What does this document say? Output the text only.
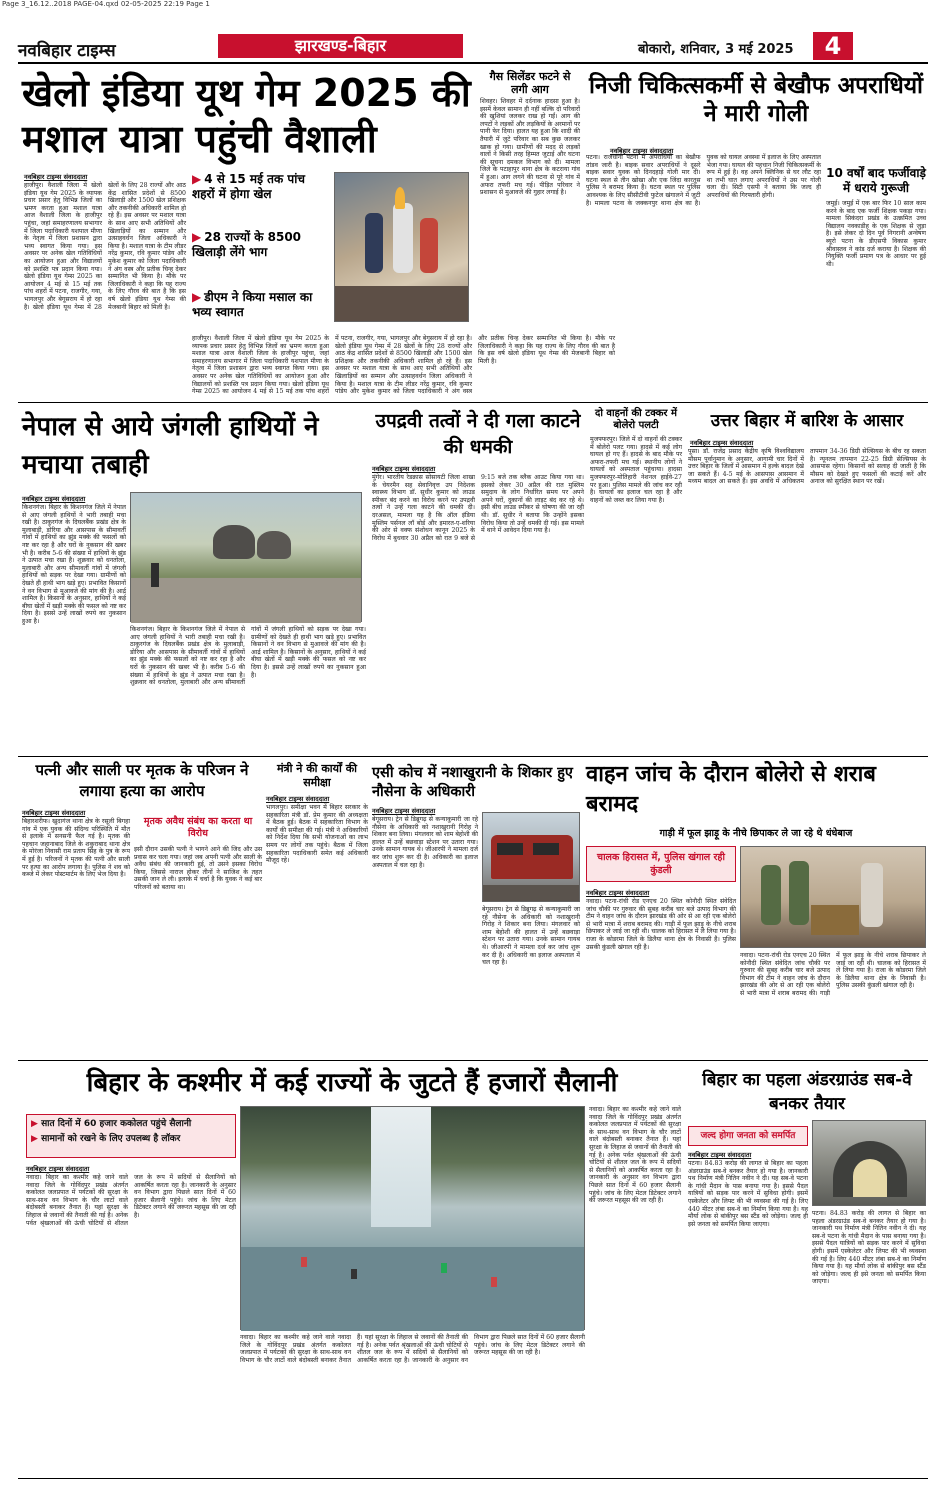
Page 3_16.12..2018 PAGE-04.qxd 02-05-2025 22:19 Page 1
नवबिहार टाइम्स	झारखण्ड-बिहार	बोकारो, शनिवार, 3 मई 2025	4
खेलो इंडिया यूथ गेम 2025 की मशाल यात्रा पहुंची वैशाली
नवबिहार टाइम्स संवाददाता
हाजीपुर। वैशाली जिला में खेलो इंडिया यूथ गेम 2025 के व्यापक प्रचार प्रसार हेतु विभिन्न जिलों का भ्रमण करता हुआ मशाल यात्रा आज वैशाली जिला के हाजीपुर पहुंचा, जहां समाहरणालय सभागार में जिला पदाधिकारी यशपाल मीणा के नेतृत्व में जिला प्रशासन द्वारा भव्य स्वागत किया गया। इस अवसर पर अनेक खेल गतिविधियों का आयोजन हुआ और विद्यालयों को प्रशस्ति पत्र प्रदान किया गया। खेलो इंडिया यूथ गेम्स 2025 का आयोजन 4 मई से 15 मई तक पांच शहरों में पटना, राजगीर, गया, भागलपुर और बेगूसराय में हो रहा है। खेलो इंडिया यूथ गेम्स में 28 खेलों के लिए 28 राज्यों और आठ केंद्र शासित प्रदेशों से 8500 खिलाड़ी और 1500 खेल प्रशिक्षक और तकनीकी अधिकारी शामिल हो रहे हैं। इस अवसर पर मशाल यात्रा के साथ आए सभी अतिथियों और खिलाड़ियों का सम्मान और उत्साहवर्धन जिला अधिकारी ने किया है। मशाल यात्रा के टीम लीडर नरेंद्र कुमार, रवि कुमार पांडेय और मुकेश कुमार को जिला पदाधिकारी ने अंग वस्त्र और प्रतीक चिन्ह देकर सम्मानित भी किया है। मौके पर जिलाधिकारी ने कहा कि यह राज्य के लिए गौरव की बात है कि इस वर्ष खेलो इंडिया यूथ गेम्स की मेजबानी बिहार को मिली है।
▶ 4 से 15 मई तक पांच शहरों में होगा खेल
▶ 28 राज्यों के 8500 खिलाड़ी लेंगे भाग
▶ डीएम ने किया मसाल का भव्य स्वागत
हाजीपुर। वैशाली जिला में खेलो इंडिया यूथ गेम 2025 के व्यापक प्रचार प्रसार हेतु विभिन्न जिलों का भ्रमण करता हुआ मशाल यात्रा आज वैशाली जिला के हाजीपुर पहुंचा, जहां समाहरणालय सभागार में जिला पदाधिकारी यशपाल मीणा के नेतृत्व में जिला प्रशासन द्वारा भव्य स्वागत किया गया। इस अवसर पर अनेक खेल गतिविधियों का आयोजन हुआ और विद्यालयों को प्रशस्ति पत्र प्रदान किया गया। खेलो इंडिया यूथ गेम्स 2025 का आयोजन 4 मई से 15 मई तक पांच शहरों में पटना, राजगीर, गया, भागलपुर और बेगूसराय में हो रहा है। खेलो इंडिया यूथ गेम्स में 28 खेलों के लिए 28 राज्यों और आठ केंद्र शासित प्रदेशों से 8500 खिलाड़ी और 1500 खेल प्रशिक्षक और तकनीकी अधिकारी शामिल हो रहे हैं। इस अवसर पर मशाल यात्रा के साथ आए सभी अतिथियों और खिलाड़ियों का सम्मान और उत्साहवर्धन जिला अधिकारी ने किया है। मशाल यात्रा के टीम लीडर नरेंद्र कुमार, रवि कुमार पांडेय और मुकेश कुमार को जिला पदाधिकारी ने अंग वस्त्र और प्रतीक चिन्ह देकर सम्मानित भी किया है। मौके पर जिलाधिकारी ने कहा कि यह राज्य के लिए गौरव की बात है कि इस वर्ष खेलो इंडिया यूथ गेम्स की मेजबानी बिहार को मिली है।
गैस सिलेंडर फटने से लगी आग
शिवहर। शिवहर में दर्दनाक हादसा हुआ है। इसमें केवल सामान ही नहीं बल्कि दो परिवारों की खुशियां जलकर राख हो गईं। आग की लपटों ने लड़कों और लड़कियों के अरमानों पर पानी फेर दिया। हालत यह हुआ कि शादी की तैयारी में जुटे परिवार का सब कुछ जलकर खाक हो गया। ग्रामीणों की मदद से लड़कों वालों ने किसी तरह हिम्मत जुटाई और घटना की सूचना दमकल विभाग को दी। मामला जिले के पटाहापुर थाना क्षेत्र के कटराया गांव में हुआ। आग लगने की घटना से पूरे गांव में अफरा तफरी मच गई। पीड़ित परिवार ने प्रशासन से मुआवजे की गुहार लगाई है।
निजी चिकित्सकर्मी से बेखौफ अपराधियों ने मारी गोली
नवबिहार टाइम्स संवाददाता
पटना। राजधानी पटना में अपराधियों का बेखौफ तांडव जारी है। बाइक सवार अपराधियों ने दूसरे बाइक सवार युवक को दिनदहाड़े गोली मार दी। घटना स्थल से तीन खोखा और एक जिंदा कारतूस पुलिस ने बरामद किया है। घटना स्थल पर पुलिस आवश्यक के लिए सीसीटीवी फुटेज खंगालने में जुटी है। मामला पटना के जक्कनपुर थाना क्षेत्र का है। युवक को घायल अवस्था में इलाज के लिए अस्पताल भेजा गया। घायल की पहचान निजी चिकित्सकर्मी के रूप में हुई है। वह अपने क्लिनिक से घर लौट रहा था तभी घात लगाए अपराधियों ने उस पर गोली चला दी। सिटी एसपी ने बताया कि जल्द ही अपराधियों की गिरफ्तारी होगी।
10 वर्षों बाद फर्जीवाड़े में धराये गुरूजी
जमुई। जमुई में एक बार फिर 10 साल काम करने के बाद एक फर्जी शिक्षक पकड़ा गया। मामला सिकंदरा प्रखंड के उत्क्रमित उच्च विद्यालय नवकाडीह के एक शिक्षक से जुड़ा है। इसे लेकर दो दिन पूर्व निगरानी अन्वेषण ब्यूरो पटना के डीएसपी विकास कुमार श्रीवास्तव ने कांड दर्ज कराया है। शिक्षक की नियुक्ति फर्जी प्रमाण पत्र के आधार पर हुई थी।
नेपाल से आये जंगली हाथियों ने मचाया तबाही
नवबिहार टाइम्स संवाददाता
किशनगंज। बिहार के किशनगंज जिले में नेपाल से आए जंगली हाथियों ने भारी तबाही मचा रखी है। ठाकुरगंज के दिघलबैंक प्रखंड क्षेत्र के मुलाबाड़ी, डोरिया और आसपास के सीमावर्ती गांवों में हाथियों का झुंड मक्के की फसलों को नष्ट कर रहा है और घरों के नुकसान की खबर भी है। करीब 5-6 की संख्या में हाथियों के झुंड ने उत्पात मचा रखा है। शुक्रवार को धनतोला, मुलाबारी और अन्य सीमावर्ती गांवों में जंगली हाथियों को सड़क पर देखा गया। ग्रामीणों को देखते ही हाथी भाग खड़े हुए। प्रभावित किसानों ने वन विभाग से मुआवजे की मांग की है। आर्द्र शामिल है। किसानों के अनुसार, हाथियों ने कई बीघा खेतों में खड़ी मक्के की फसल को नष्ट कर दिया है। इससे उन्हें लाखों रुपये का नुकसान हुआ है।
किशनगंज। बिहार के किशनगंज जिले में नेपाल से आए जंगली हाथियों ने भारी तबाही मचा रखी है। ठाकुरगंज के दिघलबैंक प्रखंड क्षेत्र के मुलाबाड़ी, डोरिया और आसपास के सीमावर्ती गांवों में हाथियों का झुंड मक्के की फसलों को नष्ट कर रहा है और घरों के नुकसान की खबर भी है। करीब 5-6 की संख्या में हाथियों के झुंड ने उत्पात मचा रखा है। शुक्रवार को धनतोला, मुलाबारी और अन्य सीमावर्ती गांवों में जंगली हाथियों को सड़क पर देखा गया। ग्रामीणों को देखते ही हाथी भाग खड़े हुए। प्रभावित किसानों ने वन विभाग से मुआवजे की मांग की है। आर्द्र शामिल है। किसानों के अनुसार, हाथियों ने कई बीघा खेतों में खड़ी मक्के की फसल को नष्ट कर दिया है। इससे उन्हें लाखों रुपये का नुकसान हुआ है।
उपद्रवी तत्वों ने दी गला काटने की धमकी
नवबिहार टाइम्स संवाददाता
मुंगेर। भारतीय रेडक्रास सोसायटी जिला शाखा के चेयरमैन सह सेवानिवृत्त उप निदेशक स्वास्थ्य विभाग डॉ. सुधीर कुमार को लाउड स्पीकर बंद करने का विरोध करने पर उपद्रवी तत्वों ने उन्हें गला काटने की धमकी दी। दरअसल, मामला यह है कि ऑल इंडिया मुस्लिम पर्सनल लॉ बोर्ड और इमारत-ए-शरिया की ओर से वक्फ संशोधन कानून 2025 के विरोध में बुधवार 30 अप्रैल को रात 9 बजे से 9:15 बजे तक ब्लैक आउट किया गया था। इसको लेकर 30 अप्रैल की रात मुस्लिम समुदाय के लोग निर्धारित समय पर अपने अपने घरों, दुकानों की लाइट बंद कर रहे थे। इसी बीच लाउड स्पीकर से घोषणा की जा रही थी। डॉ. सुधीर ने बताया कि उन्होंने इसका विरोध किया तो उन्हें धमकी दी गई। इस मामले में थाने में आवेदन दिया गया है।
दो वाहनों की टक्कर में बोलेरो पलटी
मुजफ्फरपुर। जिले में दो वाहनों की टक्कर में बोलेरो पलट गया। हादसे में कई लोग घायल हो गए हैं। हादसे के बाद मौके पर अफरा-तफरी मच गई। स्थानीय लोगों ने घायलों को अस्पताल पहुंचाया। हादसा मुजफ्फरपुर-मोतिहारी नेशनल हाईवे-27 पर हुआ। पुलिस मामले की जांच कर रही है। घायलों का इलाज चल रहा है और वाहनों को जब्त कर लिया गया है।
उत्तर बिहार में बारिश के आसार
नवबिहार टाइम्स संवाददाता
पूसा। डॉ. राजेंद्र प्रसाद केंद्रीय कृषि विश्वविद्यालय मौसम पूर्वानुमान के अनुसार, आगामी चार दिनों में उत्तर बिहार के जिलों में आसमान में हल्के बादल देखे जा सकते हैं। 4-5 मई के आसपास आसमान में मध्यम बादल आ सकते हैं। इस अवधि में अधिकतम तापमान 34-36 डिग्री सेल्सियस के बीच रह सकता है। न्यूनतम तापमान 22-25 डिग्री सेल्सियस के आसपास रहेगा। किसानों को सलाह दी जाती है कि मौसम को देखते हुए फसलों की कटाई करें और अनाज को सुरक्षित स्थान पर रखें।
पत्नी और साली पर मृतक के परिजन ने लगाया हत्या का आरोप
नवबिहार टाइम्स संवाददाता
बिहारशरीफ। खुदागंज थाना क्षेत्र के रसूली बिगहा गांव में एक युवक की संदिग्ध परिस्थिति में मौत से इलाके में सनसनी फैल गई है। मृतक की पहचान जहानाबाद जिले के शकुराबाद थाना क्षेत्र के मोरंजा निवासी राम प्रताप सिंह के पुत्र के रूप में हुई है। परिजनों ने मृतक की पत्नी और साली पर हत्या का आरोप लगाया है। पुलिस ने शव को कब्जे में लेकर पोस्टमार्टम के लिए भेज दिया है।
मृतक अवैध संबंध का करता था विरोध
इसी दौरान उसकी पत्नी ने भागने आने की जिद और उस प्रवास कर चला गया। जहां जब अपनी पत्नी और साली के अवैध संबंध की जानकारी हुई, तो उसने इसका विरोध किया, जिससे नाराज होकर तीनों ने साजिश के तहत उसकी जान ले ली। इलाके में चर्चा है कि युवक ने कई बार परिजनों को बताया था।
मंत्री ने की कार्यों की समीक्षा
नवबिहार टाइम्स संवाददाता
भागलपुर। समीक्षा भवन में बिहार सरकार के सहकारिता मंत्री डॉ. प्रेम कुमार की अध्यक्षता में बैठक हुई। बैठक में सहकारिता विभाग के कार्यों की समीक्षा की गई। मंत्री ने अधिकारियों को निर्देश दिया कि सभी योजनाओं का लाभ समय पर लोगों तक पहुंचे। बैठक में जिला सहकारिता पदाधिकारी समेत कई अधिकारी मौजूद रहे।
एसी कोच में नशाखुरानी के शिकार हुए नौसेना के अधिकारी
नवबिहार टाइम्स संवाददाता
बेगूसराय। ट्रेन से डिब्रूगढ़ से कन्याकुमारी जा रहे नौसेना के अधिकारी को नशाखुरानी गिरोह ने शिकार बना लिया। मंगलवार को शाम बेहोशी की हालत में उन्हें बछवाड़ा स्टेशन पर उतारा गया। उनके सामान गायब थे। जीआरपी ने मामला दर्ज कर जांच शुरू कर दी है। अधिकारी का इलाज अस्पताल में चल रहा है।
बेगूसराय। ट्रेन से डिब्रूगढ़ से कन्याकुमारी जा रहे नौसेना के अधिकारी को नशाखुरानी गिरोह ने शिकार बना लिया। मंगलवार को शाम बेहोशी की हालत में उन्हें बछवाड़ा स्टेशन पर उतारा गया। उनके सामान गायब थे। जीआरपी ने मामला दर्ज कर जांच शुरू कर दी है। अधिकारी का इलाज अस्पताल में चल रहा है।
वाहन जांच के दौरान बोलेरो से शराब बरामद
गाड़ी में फूल झाड़ू के नीचे छिपाकर ले जा रहे थे धंधेबाज
चालक हिरासत में, पुलिस खंगाल रही कुंडली
नवबिहार टाइम्स संवाददाता
नवादा। पटना-रांची रोड एनएच 20 स्थित कोनौदी स्थित संवेदित जांच चौकी पर गुरुवार की सुबह करीब चार बजे उत्पाद विभाग की टीम ने वाहन जांच के दौरान झारखंड की ओर से आ रही एक बोलेरो से भारी मात्रा में शराब बरामद की। गाड़ी में फूल झाड़ू के नीचे शराब छिपाकर ले जाई जा रही थी। चालक को हिरासत में ले लिया गया है। राजा के कोडरमा जिले के डिलैया थाना क्षेत्र के निवासी है। पुलिस उसकी कुंडली खंगाल रही है।
नवादा। पटना-रांची रोड एनएच 20 स्थित कोनौदी स्थित संवेदित जांच चौकी पर गुरुवार की सुबह करीब चार बजे उत्पाद विभाग की टीम ने वाहन जांच के दौरान झारखंड की ओर से आ रही एक बोलेरो से भारी मात्रा में शराब बरामद की। गाड़ी में फूल झाड़ू के नीचे शराब छिपाकर ले जाई जा रही थी। चालक को हिरासत में ले लिया गया है। राजा के कोडरमा जिले के डिलैया थाना क्षेत्र के निवासी है। पुलिस उसकी कुंडली खंगाल रही है।
बिहार के कश्मीर में कई राज्यों के जुटते हैं हजारों सैलानी
▶ सात दिनों में 60 हजार ककोलत पहुंचे सैलानी
▶ सामानों को रखने के लिए उपलब्ध है लॉकर
नवबिहार टाइम्स संवाददाता
नवादा। बिहार का कश्मीर कहे जाने वाले नवादा जिले के गोविंदपुर प्रखंड अंतर्गत ककोलत जलप्रपात में पर्यटकों की सुरक्षा के साथ-साथ वन विभाग के चौर लाटों वाले बंदोबस्ती बनाकर तैनात हैं। यहां सुरक्षा के लिहाज से जवानों की तैनाती की गई है। अनेक पर्वत श्रृंखलाओं की ऊंची चोटियों से शीतल जल के रूप में सदियों से सैलानियों को आकर्षित करता रहा है। जानकारी के अनुसार वन विभाग द्वारा पिछले सात दिनों में 60 हजार सैलानी पहुंचे। जांच के लिए मेटल डिटेक्टर लगाने की जरूरत महसूस की जा रही है।
नवादा। बिहार का कश्मीर कहे जाने वाले नवादा जिले के गोविंदपुर प्रखंड अंतर्गत ककोलत जलप्रपात में पर्यटकों की सुरक्षा के साथ-साथ वन विभाग के चौर लाटों वाले बंदोबस्ती बनाकर तैनात हैं। यहां सुरक्षा के लिहाज से जवानों की तैनाती की गई है। अनेक पर्वत श्रृंखलाओं की ऊंची चोटियों से शीतल जल के रूप में सदियों से सैलानियों को आकर्षित करता रहा है। जानकारी के अनुसार वन विभाग द्वारा पिछले सात दिनों में 60 हजार सैलानी पहुंचे। जांच के लिए मेटल डिटेक्टर लगाने की जरूरत महसूस की जा रही है।
नवादा। बिहार का कश्मीर कहे जाने वाले नवादा जिले के गोविंदपुर प्रखंड अंतर्गत ककोलत जलप्रपात में पर्यटकों की सुरक्षा के साथ-साथ वन विभाग के चौर लाटों वाले बंदोबस्ती बनाकर तैनात हैं। यहां सुरक्षा के लिहाज से जवानों की तैनाती की गई है। अनेक पर्वत श्रृंखलाओं की ऊंची चोटियों से शीतल जल के रूप में सदियों से सैलानियों को आकर्षित करता रहा है। जानकारी के अनुसार वन विभाग द्वारा पिछले सात दिनों में 60 हजार सैलानी पहुंचे। जांच के लिए मेटल डिटेक्टर लगाने की जरूरत महसूस की जा रही है।
बिहार का पहला अंडरग्राउंड सब-वे बनकर तैयार
जल्द होगा जनता को समर्पित
नवबिहार टाइम्स संवाददाता
पटना। 84.83 करोड़ की लागत से बिहार का पहला अंडरग्राउंड सब-वे बनकर तैयार हो गया है। जानकारी पथ निर्माण मंत्री नितिन नवीन ने दी। यह सब-वे पटना के गांधी मैदान के पास बनाया गया है। इससे पैदल यात्रियों को सड़क पार करने में सुविधा होगी। इसमें एस्केलेटर और लिफ्ट की भी व्यवस्था की गई है। लिए 440 मीटर लंबा सब-वे का निर्माण किया गया है। यह मौर्या लोक से बांकीपुर बस स्टैंड को जोड़ेगा। जल्द ही इसे जनता को समर्पित किया जाएगा।
पटना। 84.83 करोड़ की लागत से बिहार का पहला अंडरग्राउंड सब-वे बनकर तैयार हो गया है। जानकारी पथ निर्माण मंत्री नितिन नवीन ने दी। यह सब-वे पटना के गांधी मैदान के पास बनाया गया है। इससे पैदल यात्रियों को सड़क पार करने में सुविधा होगी। इसमें एस्केलेटर और लिफ्ट की भी व्यवस्था की गई है। लिए 440 मीटर लंबा सब-वे का निर्माण किया गया है। यह मौर्या लोक से बांकीपुर बस स्टैंड को जोड़ेगा। जल्द ही इसे जनता को समर्पित किया जाएगा।
